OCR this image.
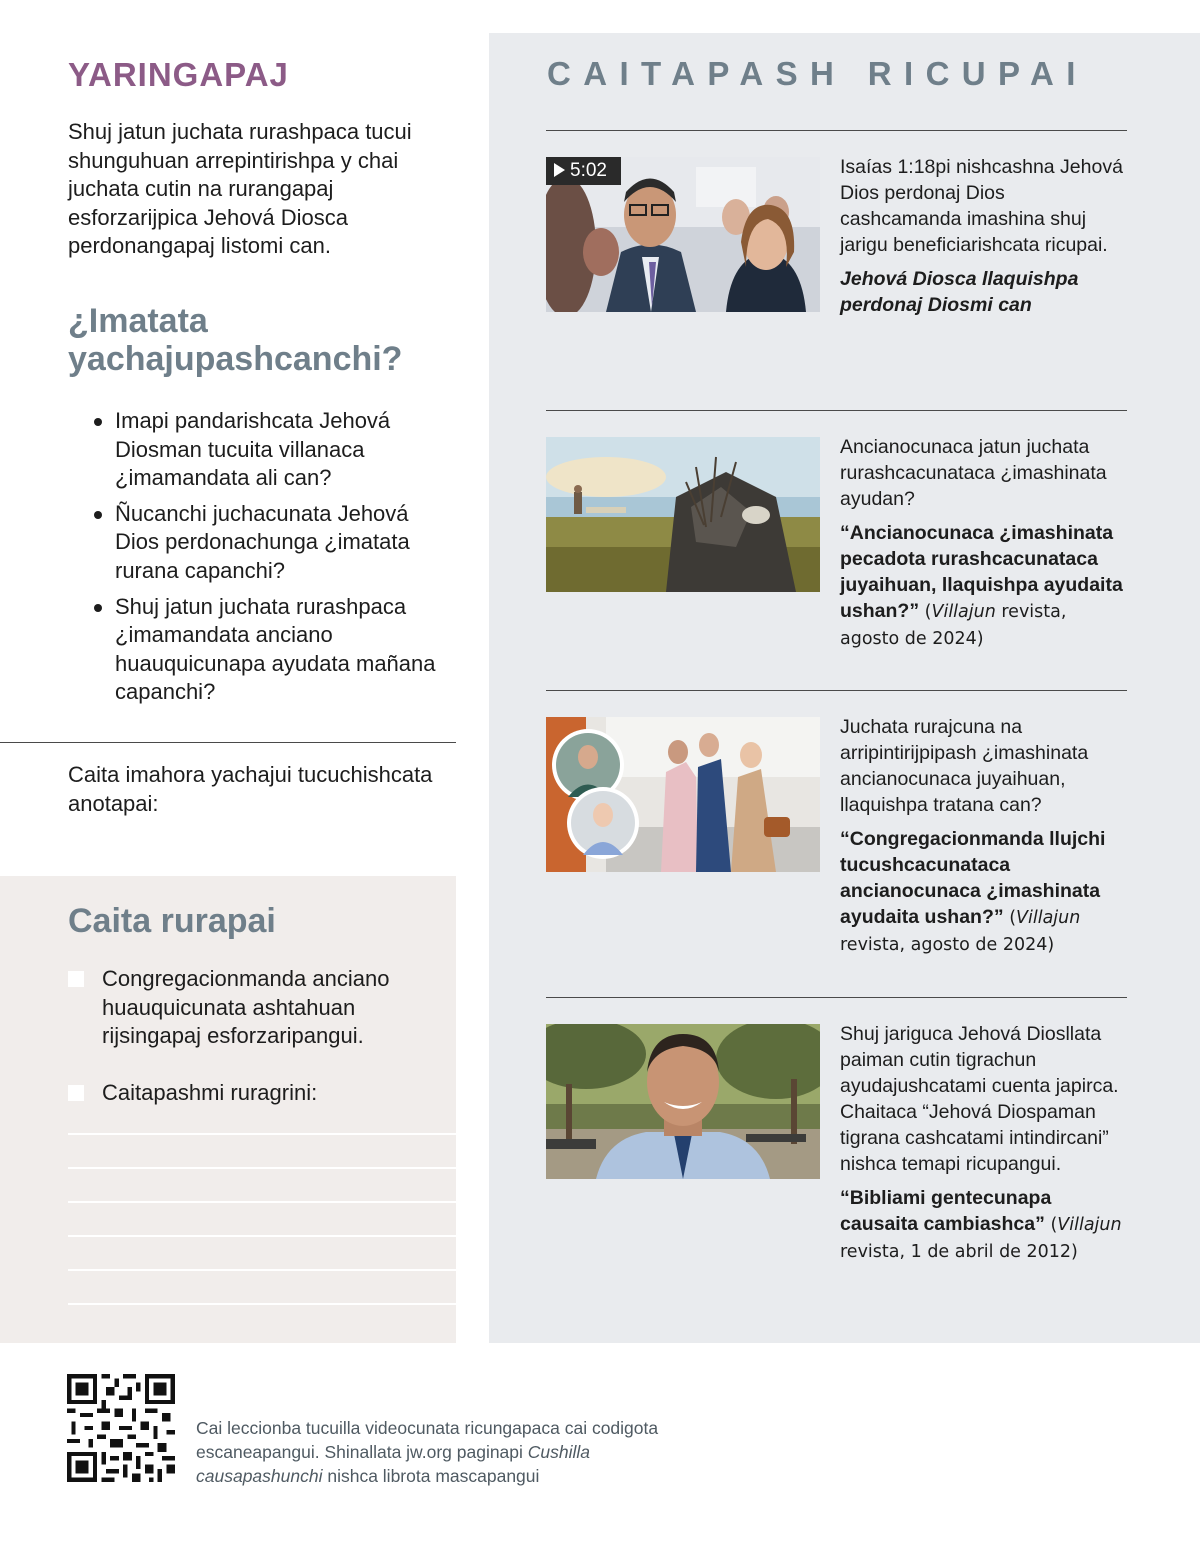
YARINGAPAJ

Shuj jatun juchata rurashpaca tucui shunguhuan arrepintirishpa y chai juchata cutin na rurangapaj esforzarijpica Jehová Diosca perdonangapaj listomi can.

¿Imatata yachajupashcanchi?
Imapi pandarishcata Jehová Diosman tucuita villanaca ¿imamandata ali can?
Ñucanchi juchacunata Jehová Dios perdonachunga ¿imatata rurana capanchi?
Shuj jatun juchata rurashpaca ¿imamandata anciano huauquicunapa ayudata mañana capanchi?

Caita imahora yachajui tucuchishcata anotapai:

Caita rurapai
Congregacionmanda anciano huauquicunata ashtahuan rijsingapaj esforzaripangui.
Caitapashmi ruragrini:
CAITAPASH RICUPAI
5:02	Isaías 1:18pi nishcashna Jehová Dios perdonaj Dios cashcamanda imashina shuj jarigu beneficiarishcata ricupai.
Jehová Diosca llaquishpa perdonaj Diosmi can
Ancianocunaca jatun juchata rurashcacunataca ¿imashinata ayudan?
“Ancianocunaca ¿imashinata pecadota rurashcacunataca juyaihuan, llaquishpa ayudaita ushan?” (Villajun revista, agosto de 2024)
Juchata rurajcuna na arripintirijpipash ¿imashinata ancianocunaca juyaihuan, llaquishpa tratana can?
“Congregacionmanda llujchi tucushcacunataca ancianocunaca ¿imashinata ayudaita ushan?” (Villajun revista, agosto de 2024)
Shuj jariguca Jehová Diosllata paiman cutin tigrachun ayudajushcatami cuenta japirca. Chaitaca “Jehová Diospaman tigrana cashcatami intindircani” nishca temapi ricupangui.
“Bibliami gentecunapa causaita cambiashca” (Villajun revista, 1 de abril de 2012)

Cai leccionba tucuilla videocunata ricungapaca cai codigota escaneapangui. Shinallata jw.org paginapi Cushilla causapashunchi nishca librota mascapangui
